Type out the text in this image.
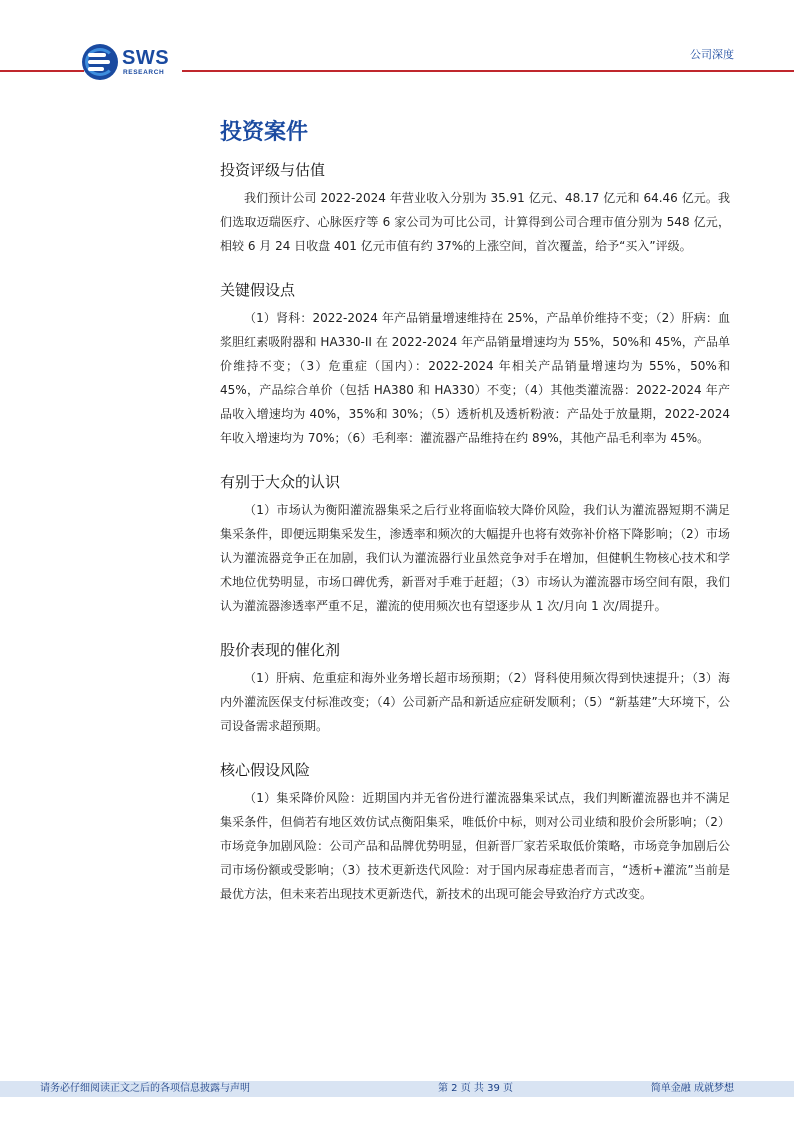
SWS
RESEARCH
公司深度
投资案件
投资评级与估值

我们预计公司 2022-2024 年营业收入分别为 35.91 亿元、48.17 亿元和 64.46 亿元。我们选取迈瑞医疗、心脉医疗等 6 家公司为可比公司，计算得到公司合理市值分别为 548 亿元，相较 6 月 24 日收盘 401 亿元市值有约 37%的上涨空间，首次覆盖，给予“买入”评级。

关键假设点

（1）肾科：2022-2024 年产品销量增速维持在 25%，产品单价维持不变；（2）肝病：血浆胆红素吸附器和 HA330-II 在 2022-2024 年产品销量增速均为 55%，50%和 45%，产品单价维持不变；（3）危重症（国内）：2022-2024 年相关产品销量增速均为 55%，50%和 45%，产品综合单价（包括 HA380 和 HA330）不变；（4）其他类灌流器：2022-2024 年产品收入增速均为 40%，35%和 30%；（5）透析机及透析粉液：产品处于放量期，2022-2024 年收入增速均为 70%；（6）毛利率：灌流器产品维持在约 89%，其他产品毛利率为 45%。

有别于大众的认识

（1）市场认为衡阳灌流器集采之后行业将面临较大降价风险，我们认为灌流器短期不满足集采条件，即便远期集采发生，渗透率和频次的大幅提升也将有效弥补价格下降影响；（2）市场认为灌流器竞争正在加剧，我们认为灌流器行业虽然竞争对手在增加，但健帆生物核心技术和学术地位优势明显，市场口碑优秀，新晋对手难于赶超；（3）市场认为灌流器市场空间有限，我们认为灌流器渗透率严重不足，灌流的使用频次也有望逐步从 1 次/月向 1 次/周提升。

股价表现的催化剂

（1）肝病、危重症和海外业务增长超市场预期；（2）肾科使用频次得到快速提升；（3）海内外灌流医保支付标准改变；（4）公司新产品和新适应症研发顺利；（5）“新基建”大环境下，公司设备需求超预期。

核心假设风险

（1）集采降价风险：近期国内并无省份进行灌流器集采试点，我们判断灌流器也并不满足集采条件，但倘若有地区效仿试点衡阳集采，唯低价中标，则对公司业绩和股价会所影响；（2）市场竞争加剧风险：公司产品和品牌优势明显，但新晋厂家若采取低价策略，市场竞争加剧后公司市场份额或受影响；（3）技术更新迭代风险：对于国内尿毒症患者而言，“透析+灌流”当前是最优方法，但未来若出现技术更新迭代，新技术的出现可能会导致治疗方式改变。

请务必仔细阅读正文之后的各项信息披露与声明	第 2 页 共 39 页	简单金融 成就梦想
